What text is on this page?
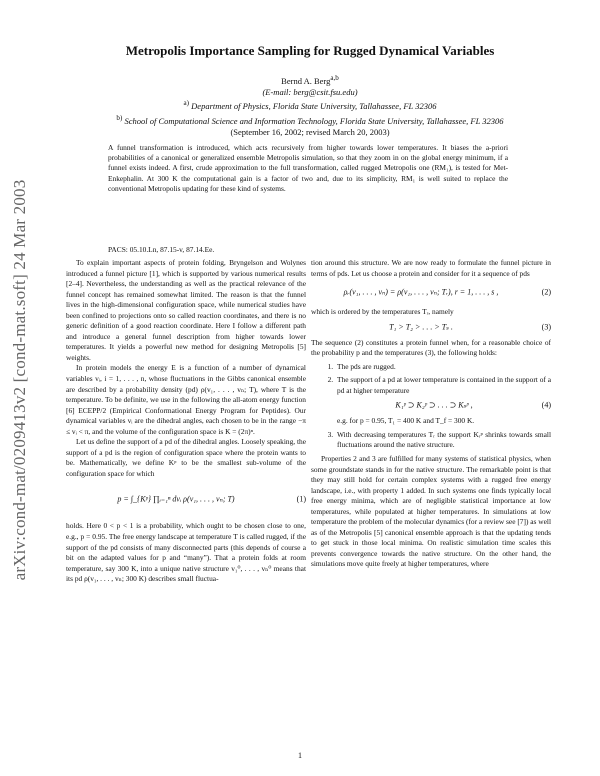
arXiv:cond-mat/0209413v2 [cond-mat.soft] 24 Mar 2003
Metropolis Importance Sampling for Rugged Dynamical Variables
Bernd A. Berg$^{a,b}$
(E-mail: berg@csit.fsu.edu)
$^{a)}$ Department of Physics, Florida State University, Tallahassee, FL 32306
$^{b)}$ School of Computational Science and Information Technology, Florida State University, Tallahassee, FL 32306
(September 16, 2002; revised March 20, 2003)
A funnel transformation is introduced, which acts recursively from higher towards lower temperatures. It biases the a-priori probabilities of a canonical or generalized ensemble Metropolis simulation, so that they zoom in on the global energy minimum, if a funnel exists indeed. A first, crude approximation to the full transformation, called rugged Metropolis one (RM₁), is tested for Met-Enkephalin. At 300 K the computational gain is a factor of two and, due to its simplicity, RM₁ is well suited to replace the conventional Metropolis updating for these kind of systems.
PACS: 05.10.Ln, 87.15-v, 87.14.Ee.

To explain important aspects of protein folding, Bryngelson and Wolynes introduced a funnel picture [1], which is supported by various numerical results [2–4]. Nevertheless, the understanding as well as the practical relevance of the funnel concept has remained somewhat limited. The reason is that the funnel lives in the high-dimensional configuration space, while numerical studies have been confined to projections onto so called reaction coordinates, and there is no generic definition of a good reaction coordinate. Here I follow a different path and introduce a general funnel description from higher towards lower temperatures. It yields a powerful new method for designing Metropolis [5] weights.

In protein models the energy E is a function of a number of dynamical variables vᵢ, i = 1, . . . , n, whose fluctuations in the Gibbs canonical ensemble are described by a probability density (pd) ρ(v₁, . . . , vₙ; T), where T is the temperature. To be definite, we use in the following the all-atom energy function [6] ECEPP/2 (Empirical Conformational Energy Program for Peptides). Our dynamical variables vᵢ are the dihedral angles, each chosen to be in the range −π ≤ vᵢ < π, and the volume of the configuration space is K = (2π)ⁿ.

Let us define the support of a pd of the dihedral angles. Loosely speaking, the support of a pd is the region of configuration space where the protein wants to be. Mathematically, we define Kᵖ to be the smallest sub-volume of the configuration space for which

p = ∫_{Kᵖ} ∏ᵢ₌₁ⁿ dvᵢ ρ(v₁, . . . , vₙ; T)	(1)

holds. Here 0 < p < 1 is a probability, which ought to be chosen close to one, e.g., p = 0.95. The free energy landscape at temperature T is called rugged, if the support of the pd consists of many disconnected parts (this depends of course a bit on the adapted values for p and “many”). That a protein folds at room temperature, say 300 K, into a unique native structure v₁⁰, . . . , vₙ⁰ means that its pd ρ(v₁, . . . , vₙ; 300 K) describes small fluctua-

tion around this structure. We are now ready to formulate the funnel picture in terms of pds. Let us choose a protein and consider for it a sequence of pds

ρᵣ(v₁, . . . , vₙ) = ρ(v₁, . . . , vₙ; Tᵣ), r = 1, . . . , s ,	(2)

which is ordered by the temperatures Tᵣ, namely

T₁ > T₂ > . . . > Tₛ .	(3)

The sequence (2) constitutes a protein funnel when, for a reasonable choice of the probability p and the temperatures (3), the following holds:

1. The pds are rugged.
2. The support of a pd at lower temperature is contained in the support of a pd at higher temperature
K₁ᵖ ⊃ K₂ᵖ ⊃ . . . ⊃ Kₛᵖ ,	(4)
e.g. for p = 0.95, T₁ = 400 K and T_f = 300 K.
3. With decreasing temperatures Tᵣ the support Kᵣᵖ shrinks towards small fluctuations around the native structure.

Properties 2 and 3 are fulfilled for many systems of statistical physics, when some groundstate stands in for the native structure. The remarkable point is that they may still hold for certain complex systems with a rugged free energy landscape, i.e., with property 1 added. In such systems one finds typically local free energy minima, which are of negligible statistical importance at low temperatures, while populated at higher temperatures. In simulations at low temperature the problem of the molecular dynamics (for a review see [7]) as well as of the Metropolis [5] canonical ensemble approach is that the updating tends to get stuck in those local minima. On realistic simulation time scales this prevents convergence towards the native structure. On the other hand, the simulations move quite freely at higher temperatures, where

1
